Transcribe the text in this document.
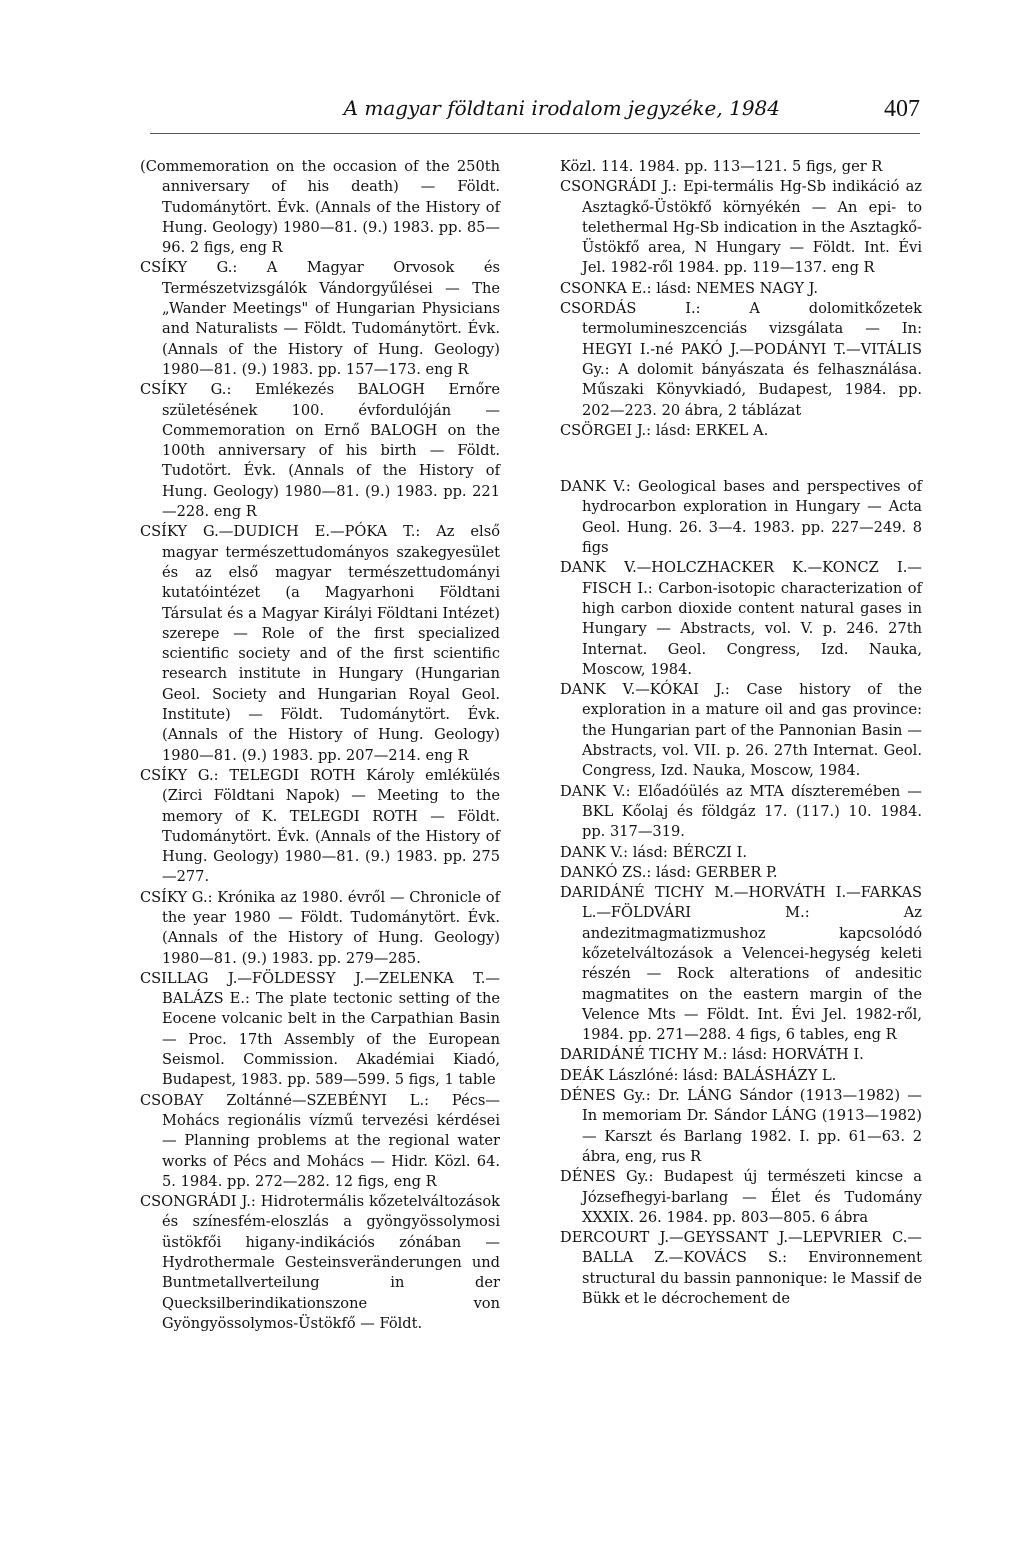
A magyar földtani irodalom jegyzéke, 1984	407

(Commemoration on the occasion of the 250th anniversary of his death) — Földt. Tudománytört. Évk. (Annals of the History of Hung. Geology) 1980—81. (9.) 1983. pp. 85—96. 2 figs, eng R

CSÍKY G.: A Magyar Orvosok és Természetvizsgálók Vándorgyűlései — The „Wander Meetings" of Hungarian Physicians and Naturalists — Földt. Tudománytört. Évk. (Annals of the History of Hung. Geology) 1980—81. (9.) 1983. pp. 157—173. eng R

CSÍKY G.: Emlékezés BALOGH Ernőre születésének 100. évfordulóján — Commemoration on Ernő BALOGH on the 100th anniversary of his birth — Földt. Tudotört. Évk. (Annals of the History of Hung. Geology) 1980—81. (9.) 1983. pp. 221—228. eng R

CSÍKY G.—DUDICH E.—PÓKA T.: Az első magyar természettudományos szakegyesület és az első magyar természettudományi kutatóintézet (a Magyarhoni Földtani Társulat és a Magyar Királyi Földtani Intézet) szerepe — Role of the first specialized scientific society and of the first scientific research institute in Hungary (Hungarian Geol. Society and Hungarian Royal Geol. Institute) — Földt. Tudománytört. Évk. (Annals of the History of Hung. Geology) 1980—81. (9.) 1983. pp. 207—214. eng R

CSÍKY G.: TELEGDI ROTH Károly emlékülés (Zirci Földtani Napok) — Meeting to the memory of K. TELEGDI ROTH — Földt. Tudománytört. Évk. (Annals of the History of Hung. Geology) 1980—81. (9.) 1983. pp. 275—277.

CSÍKY G.: Krónika az 1980. évről — Chronicle of the year 1980 — Földt. Tudománytört. Évk. (Annals of the History of Hung. Geology) 1980—81. (9.) 1983. pp. 279—285.

CSILLAG J.—FÖLDESSY J.—ZELENKA T.—BALÁZS E.: The plate tectonic setting of the Eocene volcanic belt in the Carpathian Basin — Proc. 17th Assembly of the European Seismol. Commission. Akadémiai Kiadó, Budapest, 1983. pp. 589—599. 5 figs, 1 table

CSOBAY Zoltánné—SZEBÉNYI L.: Pécs—Mohács regionális vízmű tervezési kérdései — Planning problems at the regional water works of Pécs and Mohács — Hidr. Közl. 64. 5. 1984. pp. 272—282. 12 figs, eng R

CSONGRÁDI J.: Hidrotermális kőzetelváltozások és színesfém-eloszlás a gyöngyössolymosi üstökfői higany-indikációs zónában — Hydrothermale Gesteinsveränderungen und Buntmetallverteilung in der Quecksilberindikationszone von Gyöngyössolymos-Üstökfő — Földt.

Közl. 114. 1984. pp. 113—121. 5 figs, ger R

CSONGRÁDI J.: Epi-termális Hg-Sb indikáció az Asztagkő-Üstökfő környékén — An epi- to telethermal Hg-Sb indication in the Asztagkő-Üstökfő area, N Hungary — Földt. Int. Évi Jel. 1982-ről 1984. pp. 119—137. eng R

CSONKA E.: lásd: NEMES NAGY J.

CSORDÁS I.: A dolomitkőzetek termolumineszcenciás vizsgálata — In: HEGYI I.-né PAKÓ J.—PODÁNYI T.—VITÁLIS Gy.: A dolomit bányászata és felhasználása. Műszaki Könyvkiadó, Budapest, 1984. pp. 202—223. 20 ábra, 2 táblázat

CSÖRGEI J.: lásd: ERKEL A.

DANK V.: Geological bases and perspectives of hydrocarbon exploration in Hungary — Acta Geol. Hung. 26. 3—4. 1983. pp. 227—249. 8 figs

DANK V.—HOLCZHACKER K.—KONCZ I.—FISCH I.: Carbon-isotopic characterization of high carbon dioxide content natural gases in Hungary — Abstracts, vol. V. p. 246. 27th Internat. Geol. Congress, Izd. Nauka, Moscow, 1984.

DANK V.—KÓKAI J.: Case history of the exploration in a mature oil and gas province: the Hungarian part of the Pannonian Basin — Abstracts, vol. VII. p. 26. 27th Internat. Geol. Congress, Izd. Nauka, Moscow, 1984.

DANK V.: Előadóülés az MTA díszteremében — BKL Kőolaj és földgáz 17. (117.) 10. 1984. pp. 317—319.

DANK V.: lásd: BÉRCZI I.

DANKÓ ZS.: lásd: GERBER P.

DARIDÁNÉ TICHY M.—HORVÁTH I.—FARKAS L.—FÖLDVÁRI M.: Az andezitmagmatizmushoz kapcsolódó kőzetelváltozások a Velencei-hegység keleti részén — Rock alterations of andesitic magmatites on the eastern margin of the Velence Mts — Földt. Int. Évi Jel. 1982-ről, 1984. pp. 271—288. 4 figs, 6 tables, eng R

DARIDÁNÉ TICHY M.: lásd: HORVÁTH I.

DEÁK Lászlóné: lásd: BALÁSHÁZY L.

DÉNES Gy.: Dr. LÁNG Sándor (1913—1982) — In memoriam Dr. Sándor LÁNG (1913—1982) — Karszt és Barlang 1982. I. pp. 61—63. 2 ábra, eng, rus R

DÉNES Gy.: Budapest új természeti kincse a Józsefhegyi-barlang — Élet és Tudomány XXXIX. 26. 1984. pp. 803—805. 6 ábra

DERCOURT J.—GEYSSANT J.—LEPVRIER C.—BALLA Z.—KOVÁCS S.: Environnement structural du bassin pannonique: le Massif de Bükk et le décrochement de
